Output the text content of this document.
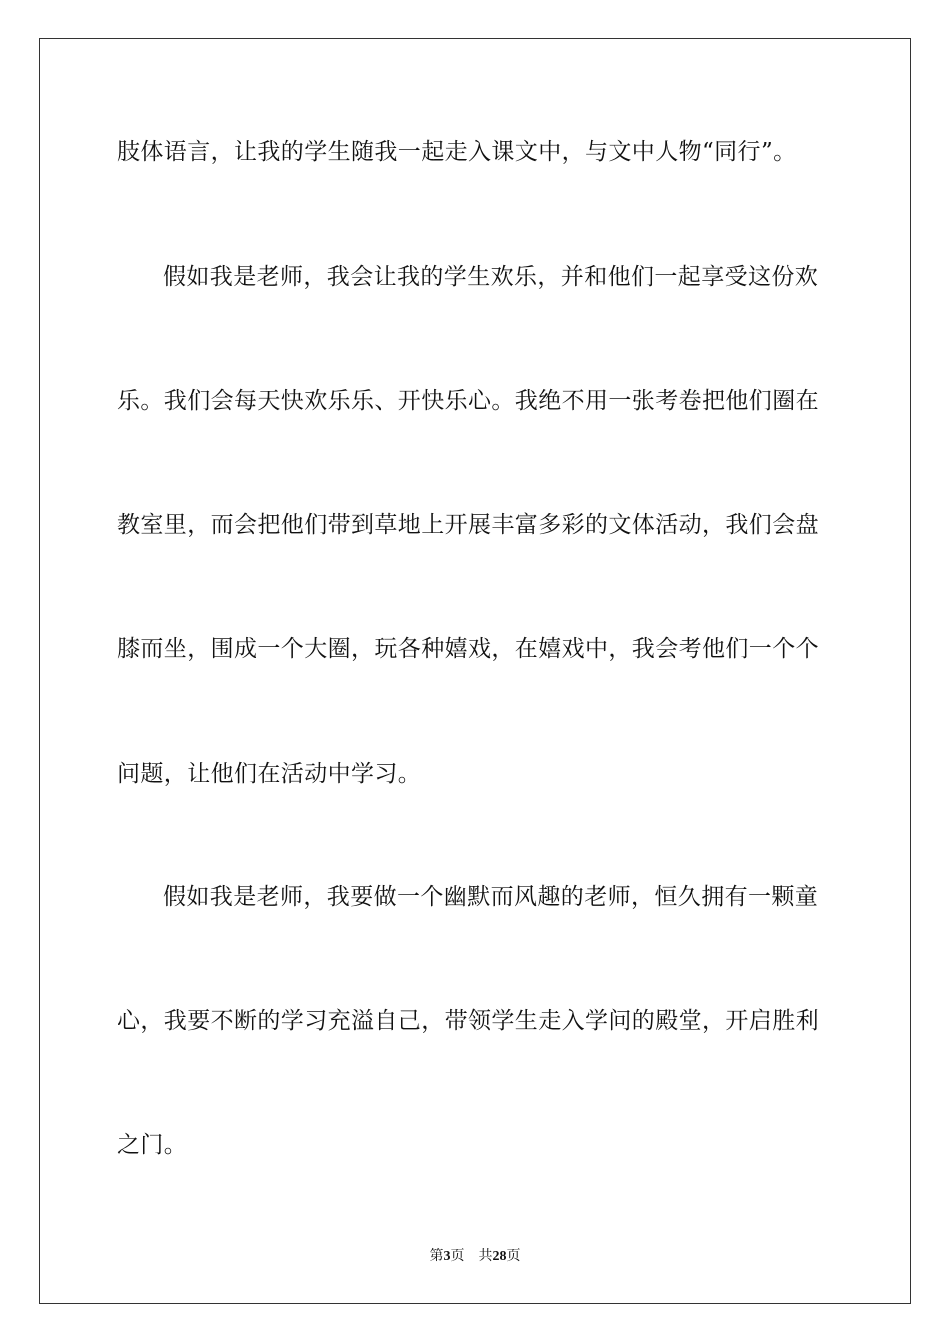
肢体语言，让我的学生随我一起走入课文中，与文中人物“同行”。
假如我是老师，我会让我的学生欢乐，并和他们一起享受这份欢
乐。我们会每天快欢乐乐、开快乐心。我绝不用一张考卷把他们圈在
教室里，而会把他们带到草地上开展丰富多彩的文体活动，我们会盘
膝而坐，围成一个大圈，玩各种嬉戏，在嬉戏中，我会考他们一个个
问题，让他们在活动中学习。
假如我是老师，我要做一个幽默而风趣的老师，恒久拥有一颗童
心，我要不断的学习充溢自己，带领学生走入学问的殿堂，开启胜利
之门。
第3页 共28页
